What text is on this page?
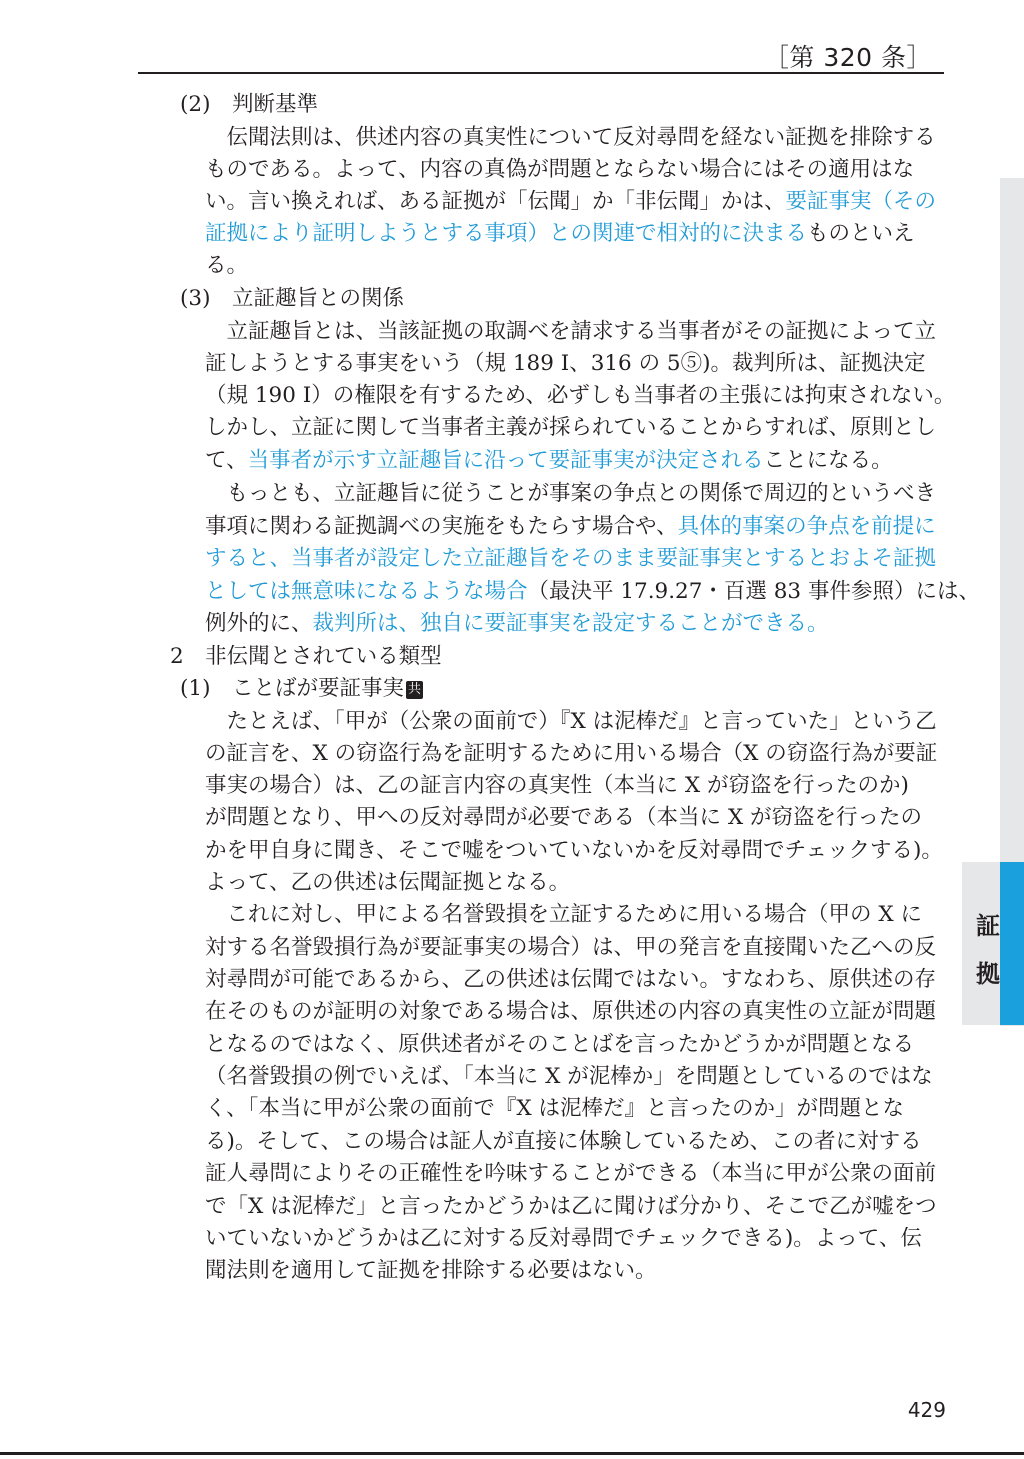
［第 320 条］
証
拠
(2)　判断基準
　伝聞法則は、供述内容の真実性について反対尋問を経ない証拠を排除する
ものである。よって、内容の真偽が問題とならない場合にはその適用はな
い。言い換えれば、ある証拠が「伝聞」か「非伝聞」かは、要証事実（その
証拠により証明しようとする事項）との関連で相対的に決まるものといえ
る。
(3)　立証趣旨との関係
　立証趣旨とは、当該証拠の取調べを請求する当事者がその証拠によって立
証しようとする事実をいう（規 189 Ⅰ、316 の 5⑤)。裁判所は、証拠決定
（規 190 Ⅰ）の権限を有するため、必ずしも当事者の主張には拘束されない。
しかし、立証に関して当事者主義が採られていることからすれば、原則とし
て、当事者が示す立証趣旨に沿って要証事実が決定されることになる。
　もっとも、立証趣旨に従うことが事案の争点との関係で周辺的というべき
事項に関わる証拠調べの実施をもたらす場合や、具体的事案の争点を前提に
すると、当事者が設定した立証趣旨をそのまま要証事実とするとおよそ証拠
としては無意味になるような場合（最決平 17.9.27・百選 83 事件参照）には、
例外的に、裁判所は、独自に要証事実を設定することができる。
2　非伝聞とされている類型
(1)　ことばが要証事実 共
　たとえば、「甲が（公衆の面前で）『X は泥棒だ』と言っていた」という乙
の証言を、X の窃盗行為を証明するために用いる場合（X の窃盗行為が要証
事実の場合）は、乙の証言内容の真実性（本当に X が窃盗を行ったのか)
が問題となり、甲への反対尋問が必要である（本当に X が窃盗を行ったの
かを甲自身に聞き、そこで嘘をついていないかを反対尋問でチェックする)。
よって、乙の供述は伝聞証拠となる。
　これに対し、甲による名誉毀損を立証するために用いる場合（甲の X に
対する名誉毀損行為が要証事実の場合）は、甲の発言を直接聞いた乙への反
対尋問が可能であるから、乙の供述は伝聞ではない。すなわち、原供述の存
在そのものが証明の対象である場合は、原供述の内容の真実性の立証が問題
となるのではなく、原供述者がそのことばを言ったかどうかが問題となる
（名誉毀損の例でいえば、「本当に X が泥棒か」を問題としているのではな
く、「本当に甲が公衆の面前で『X は泥棒だ』と言ったのか」が問題とな
る)。そして、この場合は証人が直接に体験しているため、この者に対する
証人尋問によりその正確性を吟味することができる（本当に甲が公衆の面前
で「X は泥棒だ」と言ったかどうかは乙に聞けば分かり、そこで乙が嘘をつ
いていないかどうかは乙に対する反対尋問でチェックできる)。よって、伝
聞法則を適用して証拠を排除する必要はない。
429
